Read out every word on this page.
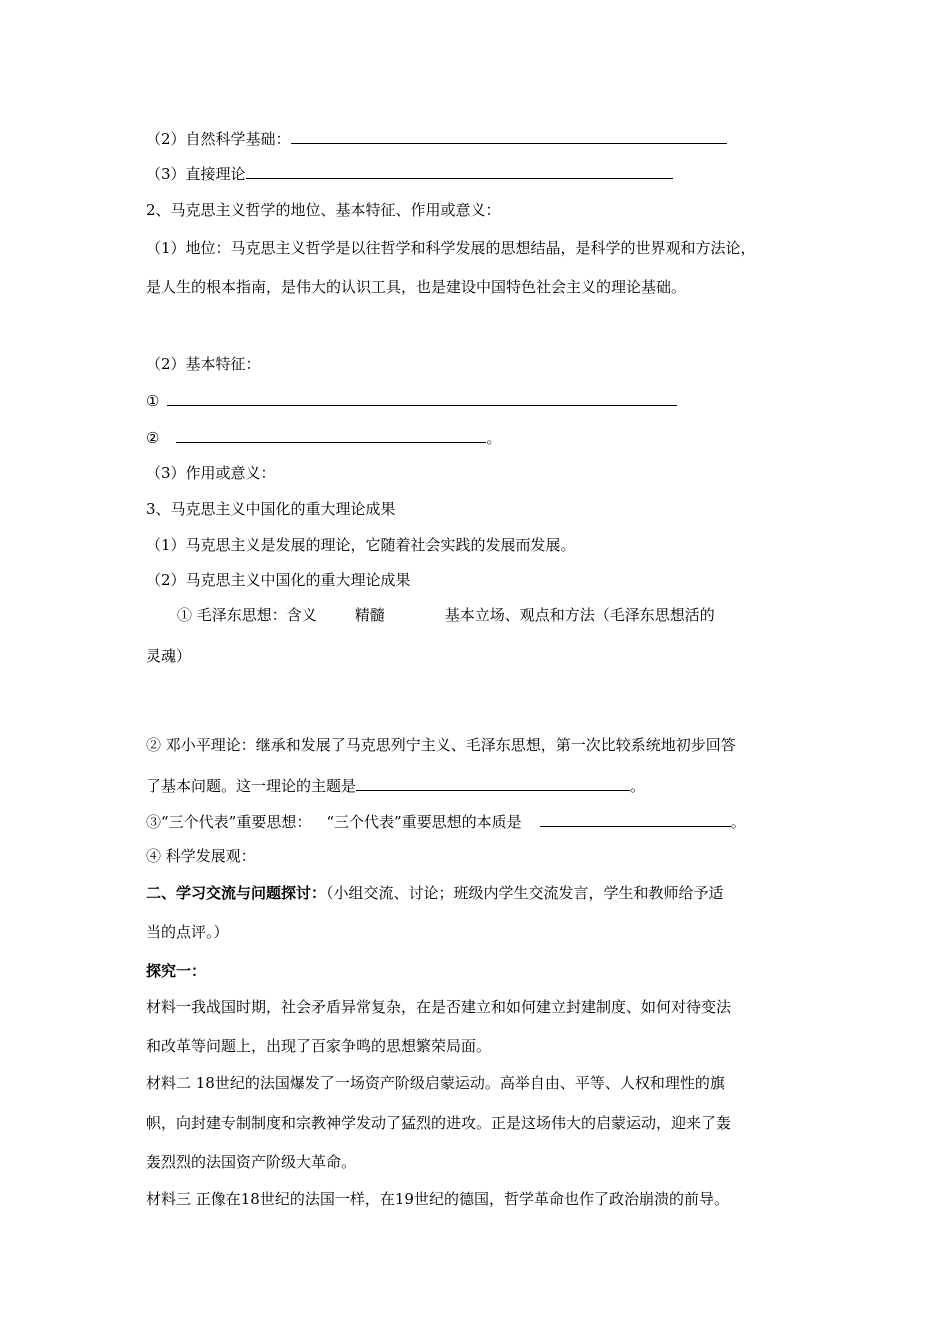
（2）自然科学基础：
（3）直接理论
2、马克思主义哲学的地位、基本特征、作用或意义：
（1）地位：马克思主义哲学是以往哲学和科学发展的思想结晶，是科学的世界观和方法论，
是人生的根本指南，是伟大的认识工具，也是建设中国特色社会主义的理论基础。
（2）基本特征：
①
②	。
（3）作用或意义：
3、马克思主义中国化的重大理论成果
（1）马克思主义是发展的理论，它随着社会实践的发展而发展。
（2）马克思主义中国化的重大理论成果
① 毛泽东思想：含义	精髓	基本立场、观点和方法（毛泽东思想活的
灵魂）
② 邓小平理论：继承和发展了马克思列宁主义、毛泽东思想，第一次比较系统地初步回答
了基本问题。这一理论的主题是	。
③“三个代表”重要思想： “三个代表”重要思想的本质是	。
④ 科学发展观：
二、学习交流与问题探讨：（小组交流、讨论；班级内学生交流发言，学生和教师给予适
当的点评。）
探究一：
材料一我战国时期，社会矛盾异常复杂，在是否建立和如何建立封建制度、如何对待变法
和改革等问题上，出现了百家争鸣的思想繁荣局面。
材料二 18世纪的法国爆发了一场资产阶级启蒙运动。高举自由、平等、人权和理性的旗
帜，向封建专制制度和宗教神学发动了猛烈的进攻。正是这场伟大的启蒙运动，迎来了轰
轰烈烈的法国资产阶级大革命。
材料三 正像在18世纪的法国一样，在19世纪的德国，哲学革命也作了政治崩溃的前导。
